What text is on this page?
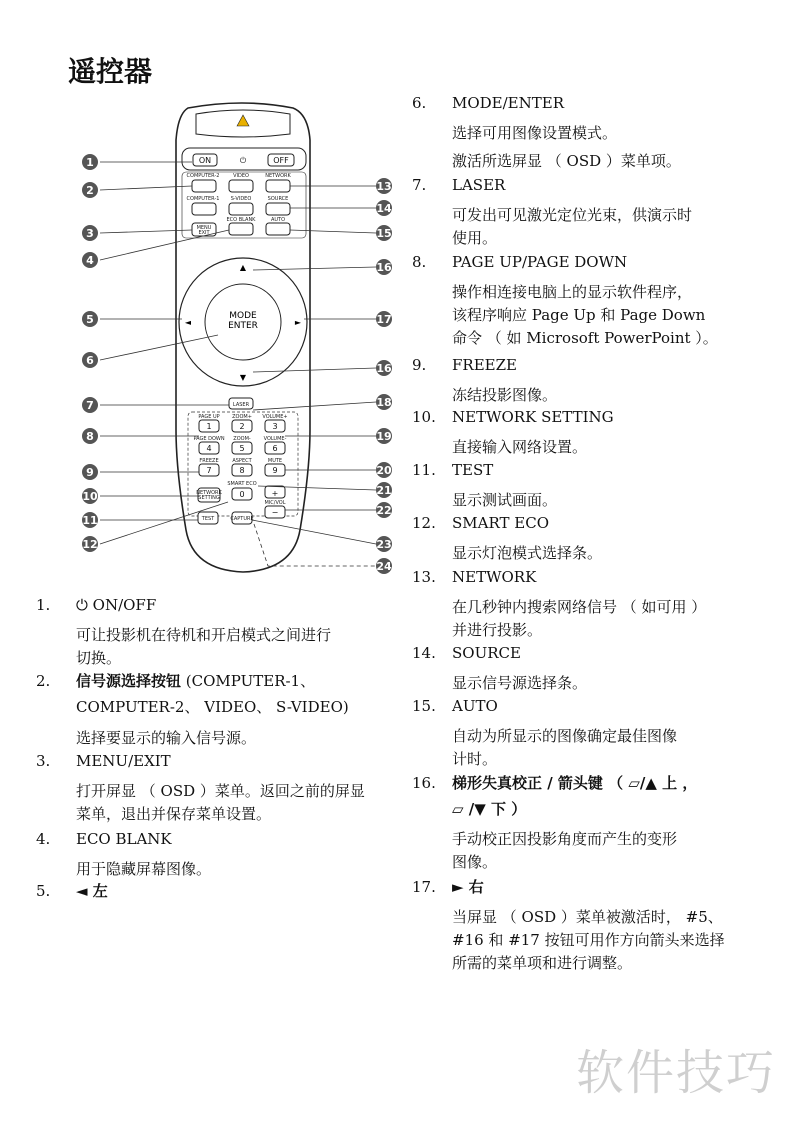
遥控器
ON	⏻	OFF
COMPUTER-2	VIDEO	NETWORK
COMPUTER-1 S-VIDEO	SOURCE
ECO BLANK	AUTO
MENU
EXIT
MODE
ENTER
▲
▼
◄	►
LASER
PAGE UP ZOOM+ VOLUME+
1	2	3
PAGE DOWN ZOOM-	VOLUME-
4	5	6
FREEZE	ASPECT	MUTE
7	8	9
SMART ECO
NETWORK
SETTING 0	+
MIC/VOL
−
TEST	CAPTURE
1
2
3
4
5
6
7
8
9
10
11
12
13
14
15
16
17
16
18
19
20
21
22
23
24
1.	⏻ ON/OFF
可让投影机在待机和开启模式之间进行
切换。
2.	信号源选择按钮 (COMPUTER-1、
COMPUTER-2、 VIDEO、 S-VIDEO)
选择要显示的输入信号源。
3.	MENU/EXIT
打开屏显 （ OSD ）菜单。返回之前的屏显
菜单，退出并保存菜单设置。
4.	ECO BLANK
用于隐藏屏幕图像。
5.	◄ 左
6.	MODE/ENTER
选择可用图像设置模式。
激活所选屏显 （ OSD ）菜单项。
7.	LASER
可发出可见激光定位光束，供演示时
使用。
8.	PAGE UP/PAGE DOWN
操作相连接电脑上的显示软件程序，
该程序响应 Page Up 和 Page Down
命令 （ 如 Microsoft PowerPoint ）。
9.	FREEZE
冻结投影图像。
10.	NETWORK SETTING
直接输入网络设置。
11.	TEST
显示测试画面。
12.	SMART ECO
显示灯泡模式选择条。
13.	NETWORK
在几秒钟内搜索网络信号 （ 如可用 ）
并进行投影。
14.	SOURCE
显示信号源选择条。
15.	AUTO
自动为所显示的图像确定最佳图像
计时。
16.	梯形失真校正 / 箭头键 （ ▱/▲ 上 ，
▱ /▼ 下 ）
手动校正因投影角度而产生的变形
图像。
17.	► 右
当屏显 （ OSD ）菜单被激活时， #5、
#16 和 #17 按钮可用作方向箭头来选择
所需的菜单项和进行调整。
软件技巧
